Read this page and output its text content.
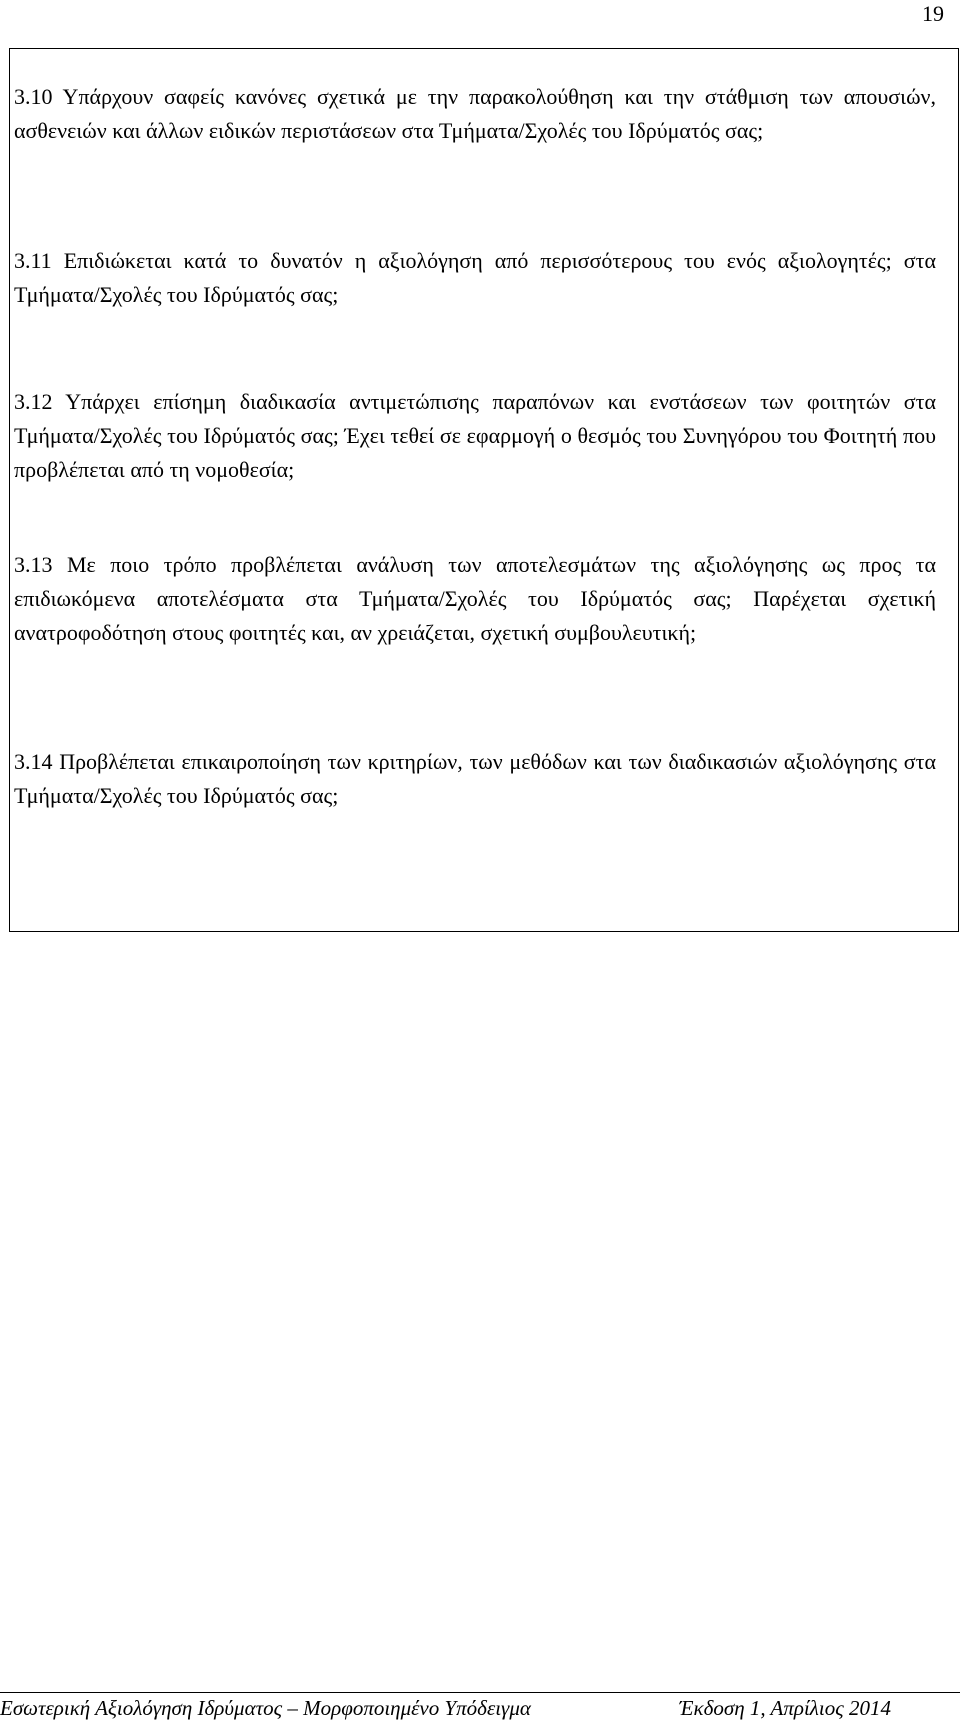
19

3.10 Υπάρχουν σαφείς κανόνες σχετικά με την παρακολούθηση και την στάθμιση των απουσιών, ασθενειών και άλλων ειδικών περιστάσεων στα Τμήματα/Σχολές του Ιδρύματός σας;

3.11 Επιδιώκεται κατά το δυνατόν η αξιολόγηση από περισσότερους του ενός αξιολογητές; στα Τμήματα/Σχολές του Ιδρύματός σας;

3.12 Υπάρχει επίσημη διαδικασία αντιμετώπισης παραπόνων και ενστάσεων των φοιτητών στα Τμήματα/Σχολές του Ιδρύματός σας; Έχει τεθεί σε εφαρμογή ο θεσμός του Συνηγόρου του Φοιτητή που προβλέπεται από τη νομοθεσία;

3.13 Με ποιο τρόπο προβλέπεται ανάλυση των αποτελεσμάτων της αξιολόγησης ως προς τα επιδιωκόμενα αποτελέσματα στα Τμήματα/Σχολές του Ιδρύματός σας; Παρέχεται σχετική ανατροφοδότηση στους φοιτητές και, αν χρειάζεται, σχετική συμβουλευτική;

3.14 Προβλέπεται επικαιροποίηση των κριτηρίων, των μεθόδων και των διαδικασιών αξιολόγησης στα Τμήματα/Σχολές του Ιδρύματός σας;

Εσωτερική Αξιολόγηση Ιδρύματος – Μορφοποιημένο Υπόδειγμα	Έκδοση 1, Απρίλιος 2014
